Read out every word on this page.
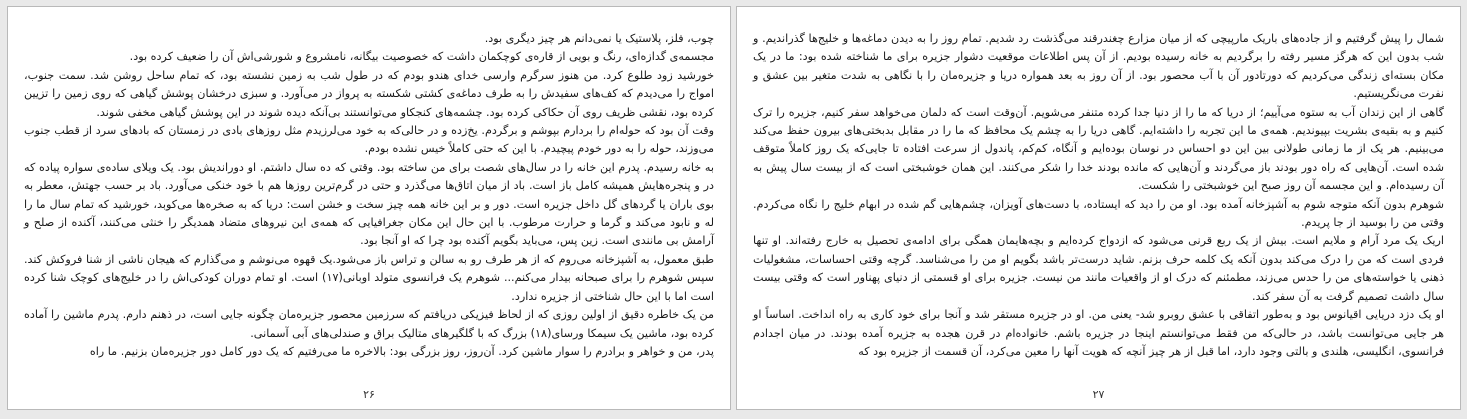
چوب، فلز، پلاستیک یا نمی‌دانم هر چیز دیگری بود.

مجسمه‌ی گدازه‌ای، رنگ و بویی از قاره‌ی کوچکمان داشت که خصوصیت بیگانه، نامشروع و شورشی‌اش آن را ضعیف کرده بود.

خورشید زود طلوع کرد. من هنوز سرگرم وارسی خدای هندو بودم که در طول شب به زمین نشسته بود، که تمام ساحل روشن شد. سمت جنوب، امواج را می‌دیدم که کف‌های سفیدش را به طرف دماغه‌ی کشتی شکسته به پرواز در می‌آورد. و سبزی درخشان پوشش گیاهی که روی زمین را تزیین کرده بود، نقشی ظریف روی آن حکاکی کرده بود. چشمه‌های کنجکاو می‌توانستند بی‌آنکه دیده شوند در این پوشش گیاهی مخفی شوند.

وقت آن بود که حوله‌ام را بردارم بپوشم و برگردم. یخ‌زده و در حالی‌که به خود می‌لرزیدم مثل روزهای بادی در زمستان که بادهای سرد از قطب جنوب می‌وزند، حوله را به دور خودم پیچیدم. با این که حتی کاملاً خیس نشده بودم.

به خانه رسیدم. پدرم این خانه را در سال‌های شصت برای من ساخته بود. وقتی که ده سال داشتم. او دوراندیش بود. یک ویلای ساده‌ی سواره پیاده که در و پنجره‌هایش همیشه کامل باز است. باد از میان اتاق‌ها می‌گذرد و حتی در گرم‌ترین روزها هم با خود خنکی می‌آورد. باد بر حسب جهتش، معطر به بوی باران یا گردهای گل داخل جزیره است. دور و بر این خانه همه چیز سخت و خشن است: دریا که به صخره‌ها می‌کوبد، خورشید که تمام سال ما را له و نابود می‌کند و گرما و حرارت مرطوب. با این حال این مکان جغرافیایی که همه‌ی این نیروهای متضاد همدیگر را خنثی می‌کنند، آکنده از صلح و آرامش بی مانندی است. زین پس، می‌باید بگویم آکنده بود چرا که او آنجا بود.

طبق معمول، به آشپزخانه می‌روم که از هر طرف رو به سالن و تراس باز می‌شود.یک قهوه می‌نوشم و می‌گذارم که هیجان ناشی از شنا فروکش کند. سپس شوهرم را برای صبحانه بیدار می‌کنم... شوهرم یک فرانسوی متولد اوبانی(۱۷) است. او تمام دوران کودکی‌اش را در خلیج‌های کوچک شنا کرده است اما با این حال شناختی از جزیره ندارد.

من یک خاطره دقیق از اولین روزی که از لحاظ فیزیکی دریافتم که سرزمین محصور جزیره‌مان چگونه جایی است، در ذهنم دارم. پدرم ماشین را آماده کرده بود، ماشین یک سیمکا ورسای(۱۸) بزرگ که با گلگیرهای متالیک براق و صندلی‌های آبی آسمانی.

پدر، من و خواهر و برادرم را سوار ماشین کرد. آن‌روز، روز بزرگی بود: بالاخره ما می‌رفتیم که یک دور کامل دور جزیره‌مان بزنیم. ما راه

۲۶

شمال را پیش گرفتیم و از جاده‌های باریک مارپیچی که از میان مزارع چغندرقند می‌گذشت رد شدیم. تمام روز را به دیدن دماغه‌ها و خلیج‌ها گذراندیم. و شب بدون این که هرگز مسیر رفته را برگردیم به خانه رسیده بودیم. از آن پس اطلاعات موقعیت دشوار جزیره برای ما شناخته شده بود: ما در یک مکان بسته‌ای زندگی می‌کردیم که دورتادور آن با آب محصور بود. از آن روز به بعد همواره دریا و جزیره‌مان را با نگاهی به شدت متغیر بین عشق و نفرت می‌نگریستیم.

گاهی از این زندان آب به ستوه می‌آییم؛ از دریا که ما را از دنیا جدا کرده متنفر می‌شویم. آن‌وقت است که دلمان می‌خواهد سفر کنیم، جزیره را ترک کنیم و به بقیه‌ی بشریت بپیوندیم. همه‌ی ما این تجربه را داشته‌ایم. گاهی دریا را به چشم یک محافظ که ما را در مقابل بدبختی‌های بیرون حفظ می‌کند می‌بینیم. هر یک از ما زمانی طولانی بین این دو احساس در نوسان بوده‌ایم و آنگاه، کم‌کم، پاندول از سرعت افتاده تا جایی‌که یک روز کاملاً متوقف شده است. آن‌هایی که راه دور بودند باز می‌گردند و آن‌هایی که مانده بودند خدا را شکر می‌کنند. این همان خوشبختی است که از بیست سال پیش به آن رسیده‌ام. و این مجسمه آن روز صبح این خوشبختی را شکست.

شوهرم بدون آنکه متوجه شوم به آشپزخانه آمده بود. او من را دید که ایستاده، با دست‌های آویزان، چشم‌هایی گم شده در ابهام خلیج را نگاه می‌کردم. وقتی من را بوسید از جا پریدم.

اریک یک مرد آرام و ملایم است. بیش از یک ربع قرنی می‌شود که ازدواج کرده‌ایم و بچه‌هایمان همگی برای ادامه‌ی تحصیل به خارج رفته‌اند. او تنها فردی است که من را درک می‌کند بدون آنکه یک کلمه حرف بزنم. شاید درست‌تر باشد بگویم او من را می‌شناسد. گرچه وقتی احساسات، مشغولیات ذهنی یا خواسته‌های من را حدس می‌زند، مطمئنم که درک او از واقعیات مانند من نیست. جزیره برای او قسمتی از دنیای پهناور است که وقتی بیست سال داشت تصمیم گرفت به آن سفر کند.

او یک دزد دریایی اقیانوس بود و به‌طور اتفاقی با عشق روبرو شد- یعنی من. او در جزیره مستقر شد و آنجا برای خود کاری به راه انداخت. اساساً او هر جایی می‌توانست باشد، در حالی‌که من فقط می‌توانستم اینجا در جزیره باشم. خانواده‌ام در قرن هجده به جزیره آمده بودند. در میان اجدادم فرانسوی، انگلیسی، هلندی و بالتی وجود دارد، اما قبل از هر چیز آنچه که هویت آنها را معین می‌کرد، آن قسمت از جزیره بود که

۲۷
